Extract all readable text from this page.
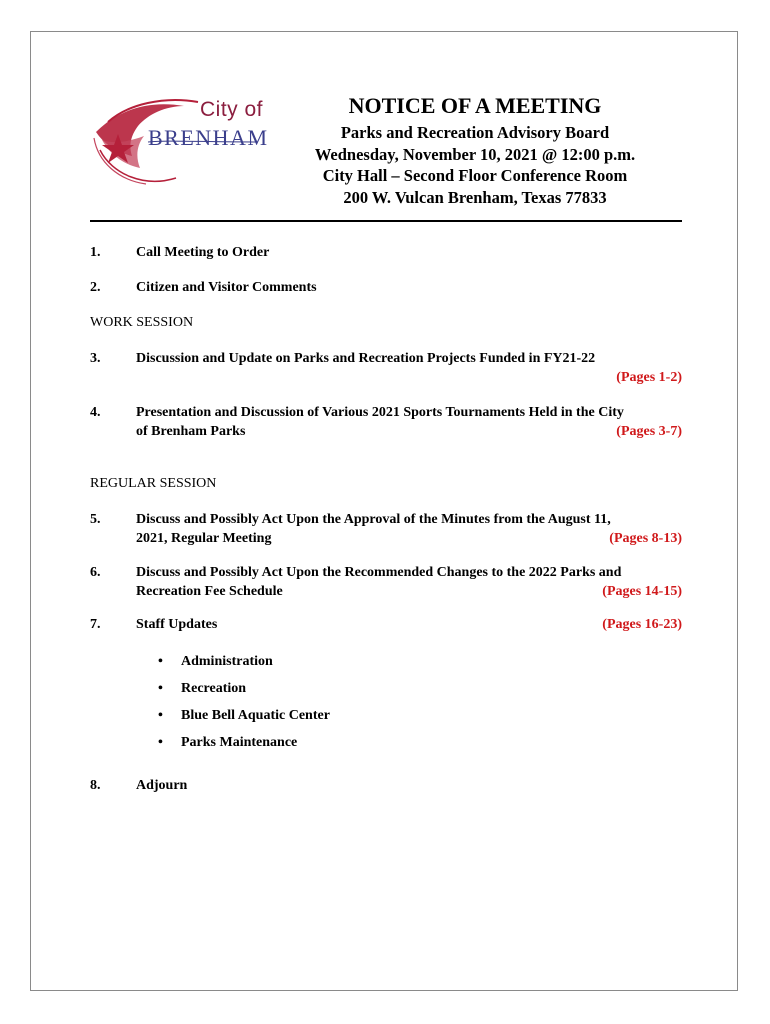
City of
BRENHAM
NOTICE OF A MEETING
Parks and Recreation Advisory Board
Wednesday, November 10, 2021 @ 12:00 p.m.
City Hall – Second Floor Conference Room
200 W. Vulcan Brenham, Texas 77833
1.	Call Meeting to Order
2.	Citizen and Visitor Comments
WORK SESSION
3.	Discussion and Update on Parks and Recreation Projects Funded in FY21-22
(Pages 1-2)
4.	Presentation and Discussion of Various 2021 Sports Tournaments Held in the City
of Brenham Parks	(Pages 3-7)
REGULAR SESSION
5.	Discuss and Possibly Act Upon the Approval of the Minutes from the August 11,
2021, Regular Meeting	(Pages 8-13)
6.	Discuss and Possibly Act Upon the Recommended Changes to the 2022 Parks and
Recreation Fee Schedule	(Pages 14-15)
7.	Staff Updates	(Pages 16-23)
• Administration
• Recreation
• Blue Bell Aquatic Center
• Parks Maintenance
8.	Adjourn
